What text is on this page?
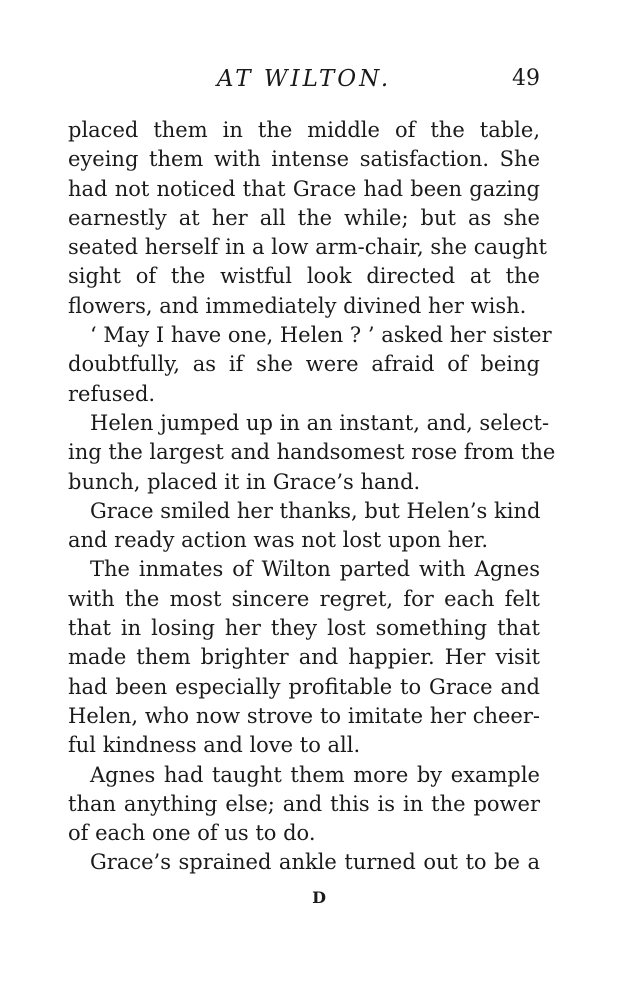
AT WILTON.	49
placed them in the middle of the table,
eyeing them with intense satisfaction. She
had not noticed that Grace had been gazing
earnestly at her all the while; but as she
seated herself in a low arm-chair, she caught
sight of the wistful look directed at the
flowers, and immediately divined her wish.
‘ May I have one, Helen ? ’ asked her sister
doubtfully, as if she were afraid of being
refused.
Helen jumped up in an instant, and, select-
ing the largest and handsomest rose from the
bunch, placed it in Grace’s hand.
Grace smiled her thanks, but Helen’s kind
and ready action was not lost upon her.
The inmates of Wilton parted with Agnes
with the most sincere regret, for each felt
that in losing her they lost something that
made them brighter and happier. Her visit
had been especially profitable to Grace and
Helen, who now strove to imitate her cheer-
ful kindness and love to all.
Agnes had taught them more by example
than anything else; and this is in the power
of each one of us to do.
Grace’s sprained ankle turned out to be a
D
